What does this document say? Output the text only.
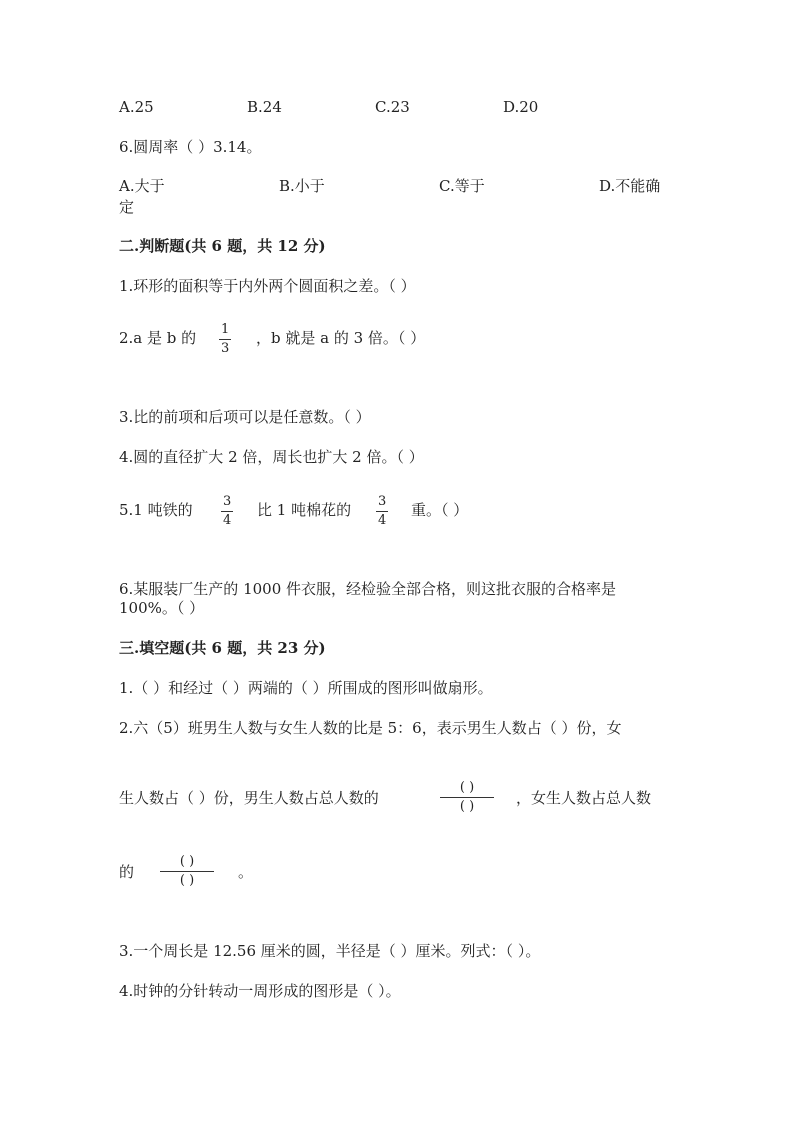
A.25	B.24	C.23	D.20
6.圆周率（ ）3.14。
A.大于	B.小于	C.等于	D.不能确
定
二.判断题(共 6 题，共 12 分)
1.环形的面积等于内外两个圆面积之差。（ ）
2.a 是 b 的 1
3
，b 就是 a 的 3 倍。（ ）
3.比的前项和后项可以是任意数。（ ）
4.圆的直径扩大 2 倍，周长也扩大 2 倍。（ ）
5.1 吨铁的 3
4
比 1 吨棉花的 3
4
重。（ ）
6.某服装厂生产的 1000 件衣服，经检验全部合格，则这批衣服的合格率是
100%。（ ）
三.填空题(共 6 题，共 23 分)
1.（ ）和经过（ ）两端的（ ）所围成的图形叫做扇形。
2.六（5）班男生人数与女生人数的比是 5：6，表示男生人数占（ ）份，女
生人数占（ ）份，男生人数占总人数的
( )
( )	，女生人数占总人数
的
( )
( )	。
3.一个周长是 12.56 厘米的圆，半径是（ ）厘米。列式：（ ）。
4.时钟的分针转动一周形成的图形是（ ）。
